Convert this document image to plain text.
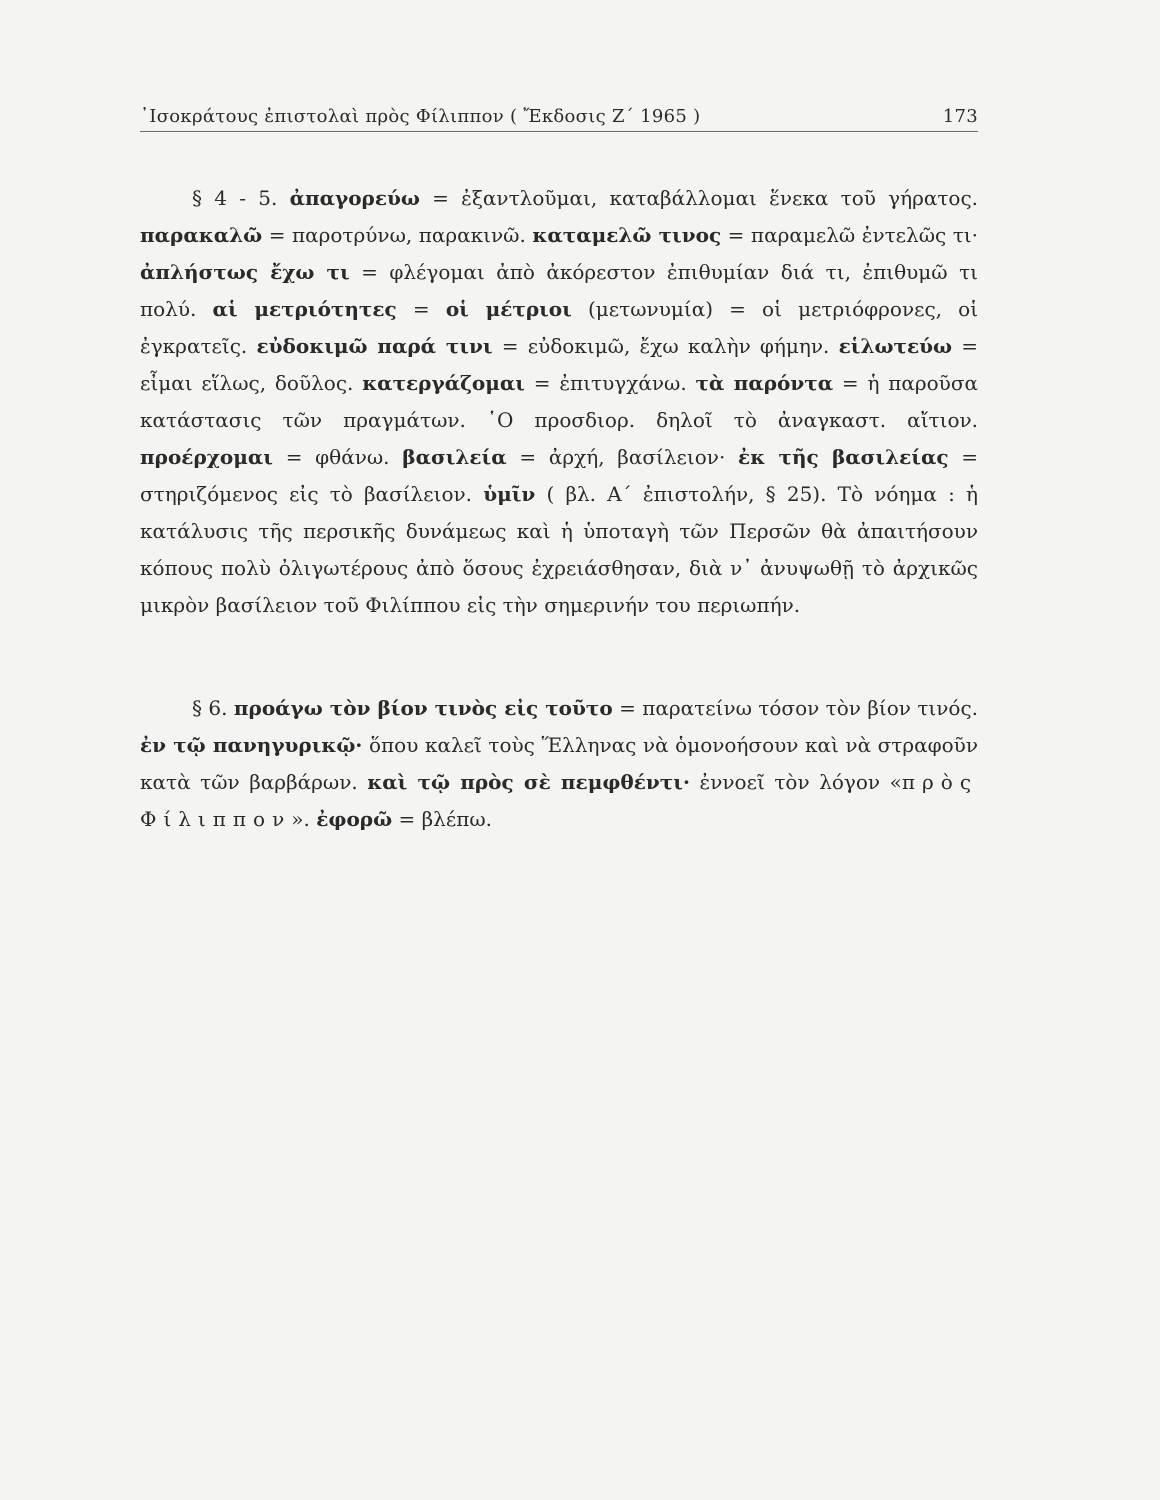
᾿Ισοκράτους ἐπιστολαὶ πρὸς Φίλιππον ( Ἔκδοσις Ζ΄ 1965 )	173

§ 4 - 5. ἀπαγορεύω = ἐξαντλοῦμαι, καταβάλλομαι ἕνεκα τοῦ γήρατος. παρακαλῶ = παροτρύνω, παρακινῶ. καταμελῶ τινος = παραμελῶ ἐντελῶς τι· ἀπλήστως ἔχω τι = φλέγομαι ἀπὸ ἀκόρεστον ἐπιθυμίαν διά τι, ἐπιθυμῶ τι πολύ. αἱ μετριότητες = οἱ μέτριοι (μετωνυμία) = οἱ μετριόφρονες, οἱ ἐγκρατεῖς. εὐδοκιμῶ παρά τινι = εὐδοκιμῶ, ἔχω καλὴν φήμην. εἱλωτεύω = εἶμαι εἵλως, δοῦλος. κατεργάζομαι = ἐπιτυγχάνω. τὰ παρόντα = ἡ παροῦσα κατάστασις τῶν πραγμάτων. ῾Ο προσδιορ. δηλοῖ τὸ ἀναγκαστ. αἴτιον. προέρχομαι = φθάνω. βασιλεία = ἀρχή, βασίλειον· ἐκ τῆς βασιλείας = στηριζόμενος εἰς τὸ βασίλειον. ὑμῖν ( βλ. Α΄ ἐπιστολήν, § 25). Τὸ νόημα : ἡ κατάλυσις τῆς περσικῆς δυνάμεως καὶ ἡ ὑποταγὴ τῶν Περσῶν θὰ ἀπαιτήσουν κόπους πολὺ ὀλιγωτέρους ἀπὸ ὅσους ἐχρειάσθησαν, διὰ ν᾿ ἀνυψωθῇ τὸ ἀρχικῶς μικρὸν βασίλειον τοῦ Φιλίππου εἰς τὴν σημερινήν του περιωπήν.

§ 6. προάγω τὸν βίον τινὸς εἰς τοῦτο = παρατείνω τόσον τὸν βίον τινός. ἐν τῷ πανηγυρικῷ· ὅπου καλεῖ τοὺς Ἕλληνας νὰ ὁμονοήσουν καὶ νὰ στραφοῦν κατὰ τῶν βαρβάρων. καὶ τῷ πρὸς σὲ πεμφθέντι· ἐννοεῖ τὸν λόγον «πρὸς Φίλιππον». ἐφορῶ = βλέπω.
